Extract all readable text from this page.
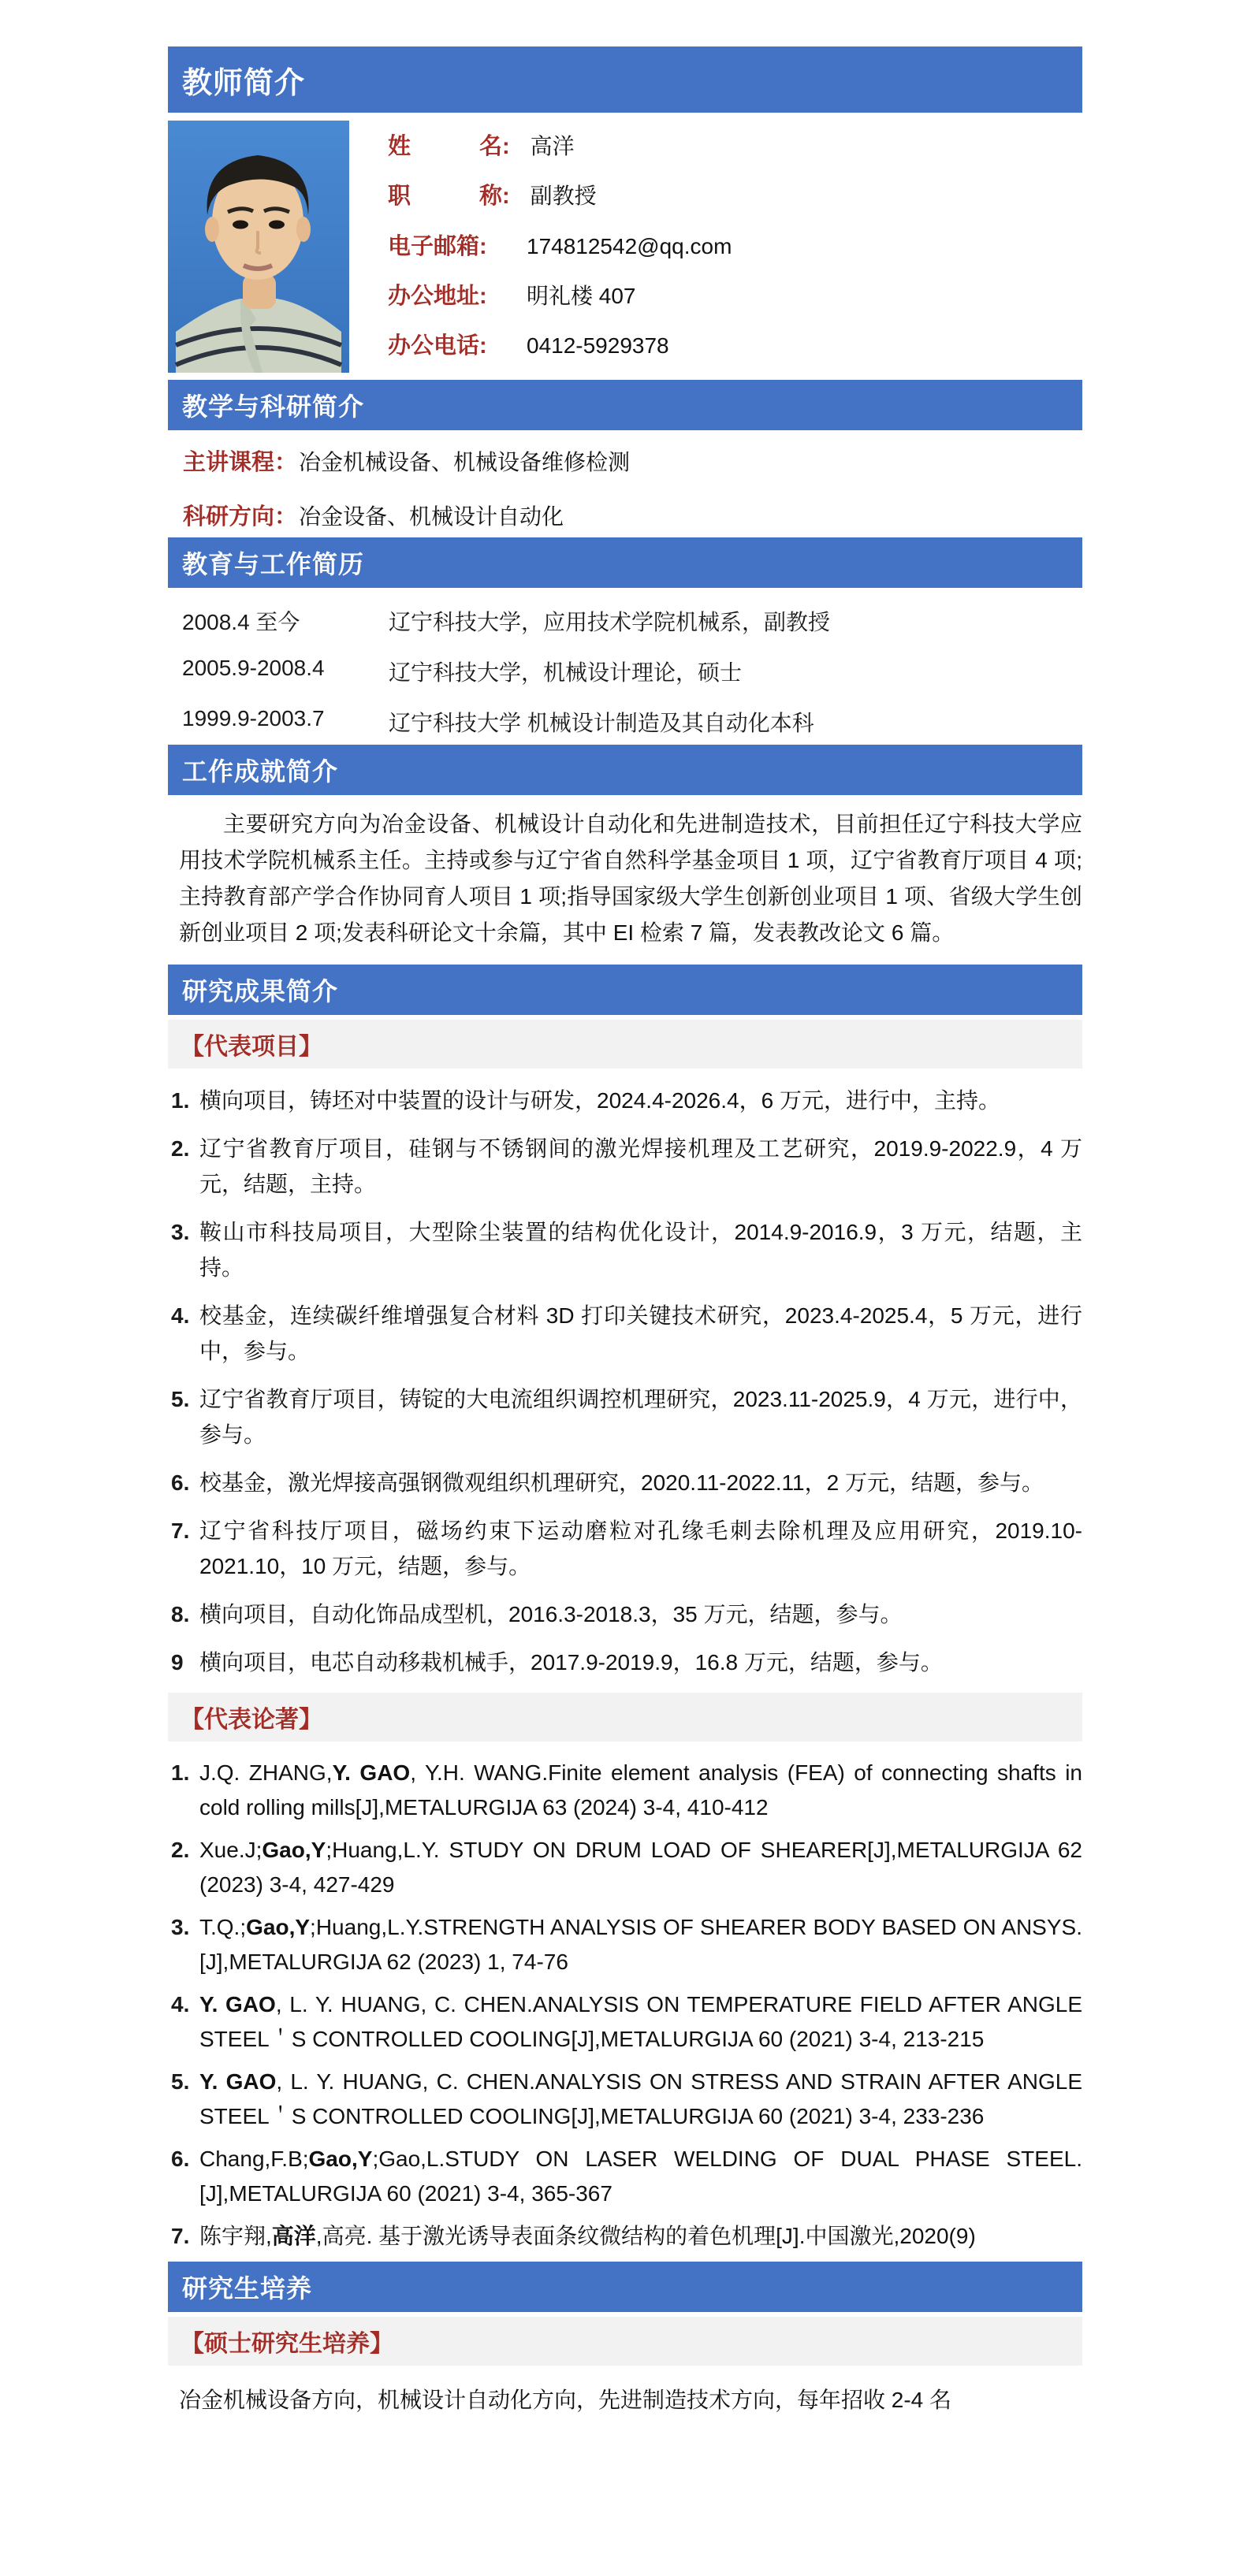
教师简介
姓　　　名: 高洋
职　　　称: 副教授
电子邮箱:	174812542@qq.com
办公地址:	明礼楼 407
办公电话:	0412-5929378
教学与科研简介
主讲课程： 冶金机械设备、机械设备维修检测
科研方向： 冶金设备、机械设计自动化
教育与工作简历
2008.4 至今	辽宁科技大学，应用技术学院机械系，副教授
2005.9-2008.4	辽宁科技大学，机械设计理论，硕士
1999.9-2003.7	辽宁科技大学 机械设计制造及其自动化本科
工作成就简介

主要研究方向为冶金设备、机械设计自动化和先进制造技术，目前担任辽宁科技大学应用技术学院机械系主任。主持或参与辽宁省自然科学基金项目 1 项，辽宁省教育厅项目 4 项;主持教育部产学合作协同育人项目 1 项;指导国家级大学生创新创业项目 1 项、省级大学生创新创业项目 2 项;发表科研论文十余篇，其中 EI 检索 7 篇，发表教改论文 6 篇。

研究成果简介
【代表项目】
1. 横向项目，铸坯对中装置的设计与研发，2024.4-2026.4，6 万元，进行中，主持。
2. 辽宁省教育厅项目，硅钢与不锈钢间的激光焊接机理及工艺研究，2019.9-2022.9，4 万元，结题，主持。
3. 鞍山市科技局项目，大型除尘装置的结构优化设计，2014.9-2016.9，3 万元，结题，主持。
4. 校基金，连续碳纤维增强复合材料 3D 打印关键技术研究，2023.4-2025.4，5 万元，进行中，参与。
5. 辽宁省教育厅项目，铸锭的大电流组织调控机理研究，2023.11-2025.9，4 万元，进行中，参与。
6. 校基金，激光焊接高强钢微观组织机理研究，2020.11-2022.11，2 万元，结题，参与。
7. 辽宁省科技厅项目，磁场约束下运动磨粒对孔缘毛刺去除机理及应用研究，2019.10-2021.10，10 万元，结题，参与。
8. 横向项目，自动化饰品成型机，2016.3-2018.3，35 万元，结题，参与。
9 横向项目，电芯自动移栽机械手，2017.9-2019.9，16.8 万元，结题，参与。
【代表论著】
1. J.Q. ZHANG,Y. GAO, Y.H. WANG.Finite element analysis (FEA) of connecting shafts in cold rolling mills[J],METALURGIJA 63 (2024) 3-4, 410-412
2. Xue.J;Gao,Y;Huang,L.Y. STUDY ON DRUM LOAD OF SHEARER[J],METALURGIJA 62 (2023) 3-4, 427-429
3. T.Q.;Gao,Y;Huang,L.Y.STRENGTH ANALYSIS OF SHEARER BODY BASED ON ANSYS.[J],METALURGIJA 62 (2023) 1, 74-76
4. Y. GAO, L. Y. HUANG, C. CHEN.ANALYSIS ON TEMPERATURE FIELD AFTER ANGLE STEEL＇S CONTROLLED COOLING[J],METALURGIJA 60 (2021) 3-4, 213-215
5. Y. GAO, L. Y. HUANG, C. CHEN.ANALYSIS ON STRESS AND STRAIN AFTER ANGLE STEEL＇S CONTROLLED COOLING[J],METALURGIJA 60 (2021) 3-4, 233-236
6. Chang,F.B;Gao,Y;Gao,L.STUDY ON LASER WELDING OF DUAL PHASE STEEL.[J],METALURGIJA 60 (2021) 3-4, 365-367
7. 陈宇翔,高洋,高亮. 基于激光诱导表面条纹微结构的着色机理[J].中国激光,2020(9)
研究生培养
【硕士研究生培养】

冶金机械设备方向，机械设计自动化方向，先进制造技术方向，每年招收 2-4 名
